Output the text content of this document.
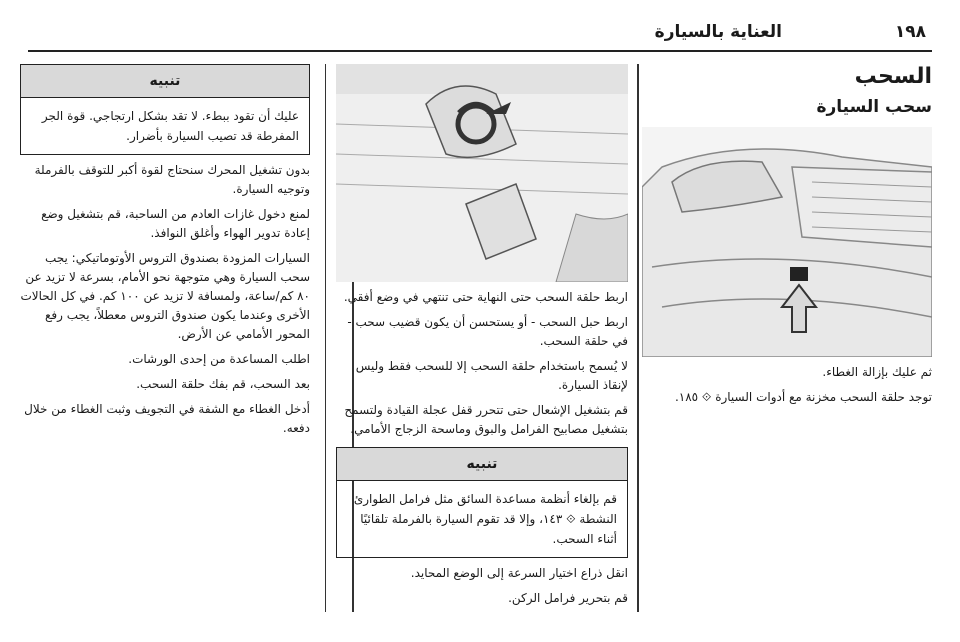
١٩٨
العناية بالسيارة
السحب
سحب السيارة

ثم عليك بإزالة الغطاء.

توجد حلقة السحب مخزنة مع أدوات السيارة ⟐ ١٨٥.

اربط حلقة السحب حتى النهاية حتى تنتهي في وضع أفقي.

اربط حبل السحب - أو يستحسن أن يكون قضيب سحب - في حلقة السحب.

لا يُسمح باستخدام حلقة السحب إلا للسحب فقط وليس لإنقاذ السيارة.

قم بتشغيل الإشعال حتى تتحرر قفل عجلة القيادة ولتسمح بتشغيل مصابيح الفرامل والبوق وماسحة الزجاج الأمامي.

تنبيه
قم بإلغاء أنظمة مساعدة السائق مثل فرامل الطوارئ النشطة ⟐ ١٤٣، وإلا قد تقوم السيارة بالفرملة تلقائيًا أثناء السحب.

انقل ذراع اختيار السرعة إلى الوضع المحايد.

قم بتحرير فرامل الركن.

تنبيه
عليك أن تقود ببطء. لا تقد بشكل ارتجاجي. قوة الجر المفرطة قد تصيب السيارة بأضرار.

بدون تشغيل المحرك سنحتاج لقوة أكبر للتوقف بالفرملة وتوجيه السيارة.

لمنع دخول غازات العادم من الساحبة، قم بتشغيل وضع إعادة تدوير الهواء وأغلق النوافذ.

السيارات المزودة بصندوق التروس الأوتوماتيكي: يجب سحب السيارة وهي متوجهة نحو الأمام، بسرعة لا تزيد عن ٨٠ كم/ساعة، ولمسافة لا تزيد عن ١٠٠ كم. في كل الحالات الأخرى وعندما يكون صندوق التروس معطلاً، يجب رفع المحور الأمامي عن الأرض.

اطلب المساعدة من إحدى الورشات.

بعد السحب، قم بفك حلقة السحب.

أدخل الغطاء مع الشفة في التجويف وثبت الغطاء من خلال دفعه.
